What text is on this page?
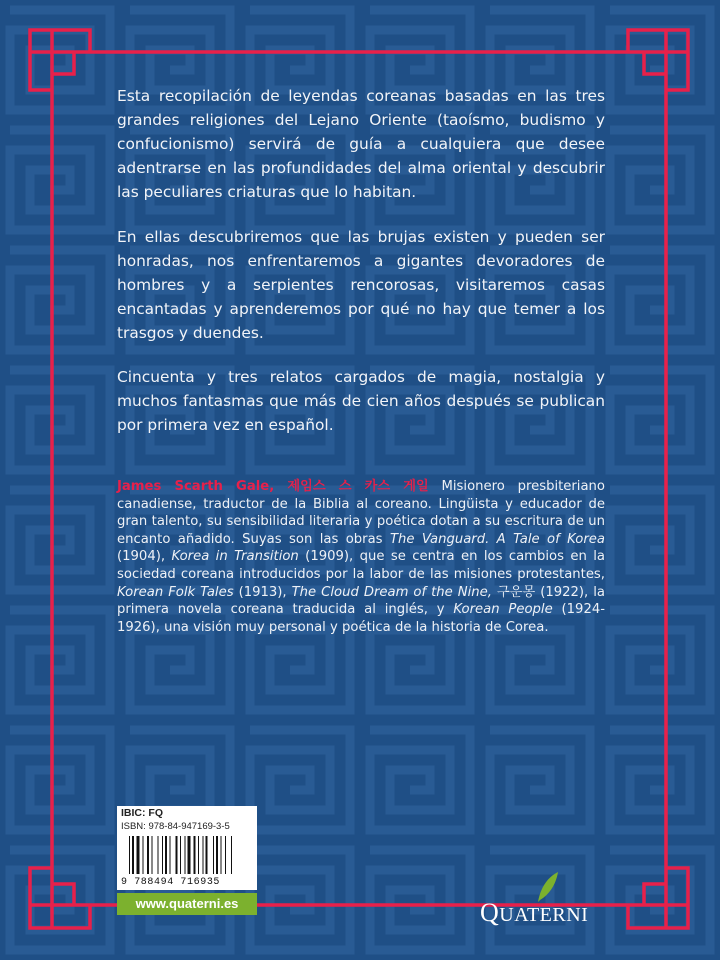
Esta recopilación de leyendas coreanas basadas en las tres grandes religiones del Lejano Oriente (taoísmo, budismo y confucionismo) servirá de guía a cualquiera que desee adentrarse en las profundidades del alma oriental y descubrir las peculiares criaturas que lo habitan.
En ellas descubriremos que las brujas existen y pueden ser honradas, nos enfrentaremos a gigantes devoradores de hombres y a serpientes rencorosas, visitaremos casas encantadas y aprenderemos por qué no hay que temer a los trasgos y duendes.
Cincuenta y tres relatos cargados de magia, nostalgia y muchos fantasmas que más de cien años después se publican por primera vez en español.
James Scarth Gale, 제임스 스 카스 게일 Misionero presbiteriano canadiense, traductor de la Biblia al coreano. Lingüista y educador de gran talento, su sensibilidad literaria y poética dotan a su escritura de un encanto añadido. Suyas son las obras The Vanguard. A Tale of Korea (1904), Korea in Transition (1909), que se centra en los cambios en la sociedad coreana introducidos por la labor de las misiones protestantes, Korean Folk Tales (1913), The Cloud Dream of the Nine, 구운몽 (1922), la primera novela coreana traducida al inglés, y Korean People (1924-1926), una visión muy personal y poética de la historia de Corea.
IBIC: FQ
ISBN: 978-84-947169-3-5
9 788494 716935
www.quaterni.es	QUATERNI
